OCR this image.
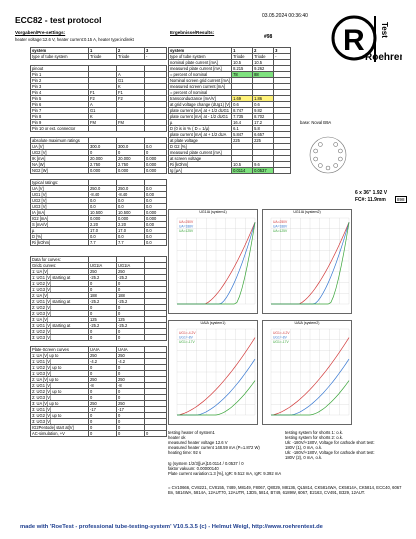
ECC82 - test protocol	03.05.2024 00:36:40
Vorgaben/Pre-settings:
heater voltage:12.6 V, heater current:0.15 A, heater type:indirekt
Ergebnisse/Results:
#98 R
Roehren
Test
system	1	2	3
type of tube system	Triode	Triode	-

pinout			
Pin 1		A	
Pin 2		G1	
Pin 3		K	
Pin 4	F1	F1	
Pin 5	F2	F2	
Pin 6	A		
Pin 7	G1		
Pin 8	K		
Pin 9	FM	FM	
Pin 10 or ext. connector			

absolute maximum ratings			
UA [V]	300.0	300.0	0.0
UG2 [V]	0	0	0
IK [mA]	20.000	20.000	0.000
NA [W]	2.750	2.750	0.000
NG2 [W]	0.000	0.000	0.000

typical ratings:			
UA [V]	250.0	250.0	0.0
UG1 [V]	-8.40	-8.40	0.00
UG2 [V]	0.0	0.0	0.0
UG3 [V]	0.0	0.0	0.0
IA [mA]	10.500	10.500	0.000
IG2 [mA]	0.000	0.000	0.000
S [mA/V]	2.20	2.20	0.00
µ	17.0	17.0	0.0
D [%]	0.0	0.0	0.0
Ri [kOhm]	7.7	7.7	0.0

Data for curves:			
Grid1 curves:	UG1IA	UG1IA	
1: UA [V]	250	250	
1: UG1 [V] starting at	-25.2	-25.2	
1: UG2 [V]	0	0	
1: UG3 [V]	0	0	
2: UA [V]	188	188	
2: UG1 [V] starting at	-25.2	-25.2	
2: UG2 [V]	0	0	
2: UG3 [V]	0	0	
3: UA [V]	125	125	
3: UG1 [V] starting at	-25.2	-25.2	
3: UG2 [V]	0	0	
3: UG3 [V]	0	0	

Plate-Screen curves	UAIA	UAIA	
1: UA [V] up to	250	250	
1: UG1 [V]	-4.2	-4.2	
1: UG2 [V] up to	0	0	
1: UG3 [V]	0	0	
2: UA [V] up to	250	250	
2: UG1 [V]	-8	-8	
2: UG2 [V] up to	0	0	
2: UG3 [V]	0	0	
3: UA [V] up to	250	250	
3: UG1 [V]	-17	-17	
3: UG2 [V] up to	0	0	
3: UG3 [V]	0	0	
IG2Pentode] start at[V]	0	0	
AC-simulation, +V	0	0	0
system	1	2	3
type of tube system	Triode	Triode	-
nominal plate current [mA]	10.5	10.5	
measured plate current [mA]	8.215	9.262	
= percent of nominal	78	88	
Nominal screen grid current [mA]			
measured screen current [mA]			
= percent of nominal			
transconductance [mA/V]	1.69	1.86	
at grid voltage change (dUg1) [V]	0.6	0.6	
plate current [mA] at + 1/2 dUG1	8.747	9.82	
plate current [mA] at - 1/2 dUG1	7.735	8.702	
µ	16.4	17.2	
D (0 is in % ( D = 1/µ)	6.1	5.8	
plate current [mA] at + 1/2 dUA	5.847	6.657	
at plate voltage	225	225	
D G2 [%]			
measured plate current [mA]			
at screen voltage			
Ri [kOhm]	10.5	9.6	
Ig [µA]	0.0114	0.0537	
base: Noval B9A
6 x 36" 1.92 V
FC#: 11.9mm	898
UG1IA (system1)
UA=250V
UA=188V
UA=125V
UG1IA (system2)
UA=250V
UA=188V
UA=125V
UAIA (system1)
UG1=-4.2V
UG1=-8V
UG1=-17V
UAIA (system2)
UG1=-4.2V
UG1=-8V
UG1=-17V
testing heater of system1
heater ok
measured heater voltage 12.6 V
measured heater current 148.59 mA (P=1.872 W)
heating time: 92 s
testing system for shorts 1: o.k.
testing system for shorts 2: o.k.
Uk: -180V/+180V, Voltage for cathode short test:
180V (1), 0 mA, o.k.
Uk: -180V/+180V, Voltage for cathode short test:
180V (2), 0 mA, o.k.
Ig (system 1/2/3)[uA]10.0114 / 0.0537 / 0
faktor vakuum: 0.00000140
Plate current variation:1.3 [%], IgR: 9.512 mA, IgR: 9.392 mA
= CV10666, CV8221, CV8155, 7489, M8149, F8067, Q8029, M8136, QL5814, CK5814WA, CK5814A, CK5814, ECC40, 6067 Bn, 5814WA, 5814A, 12AUT70, 12AUTR, 13D5, 5814, B749, 6189W, 6067, E2163, CV491, B329, 12AUT.
made with 'RoeTest - professional tube-testing-system' V10.5.3.5 (c) - Helmut Weigl, http://www.roehrentest.de
